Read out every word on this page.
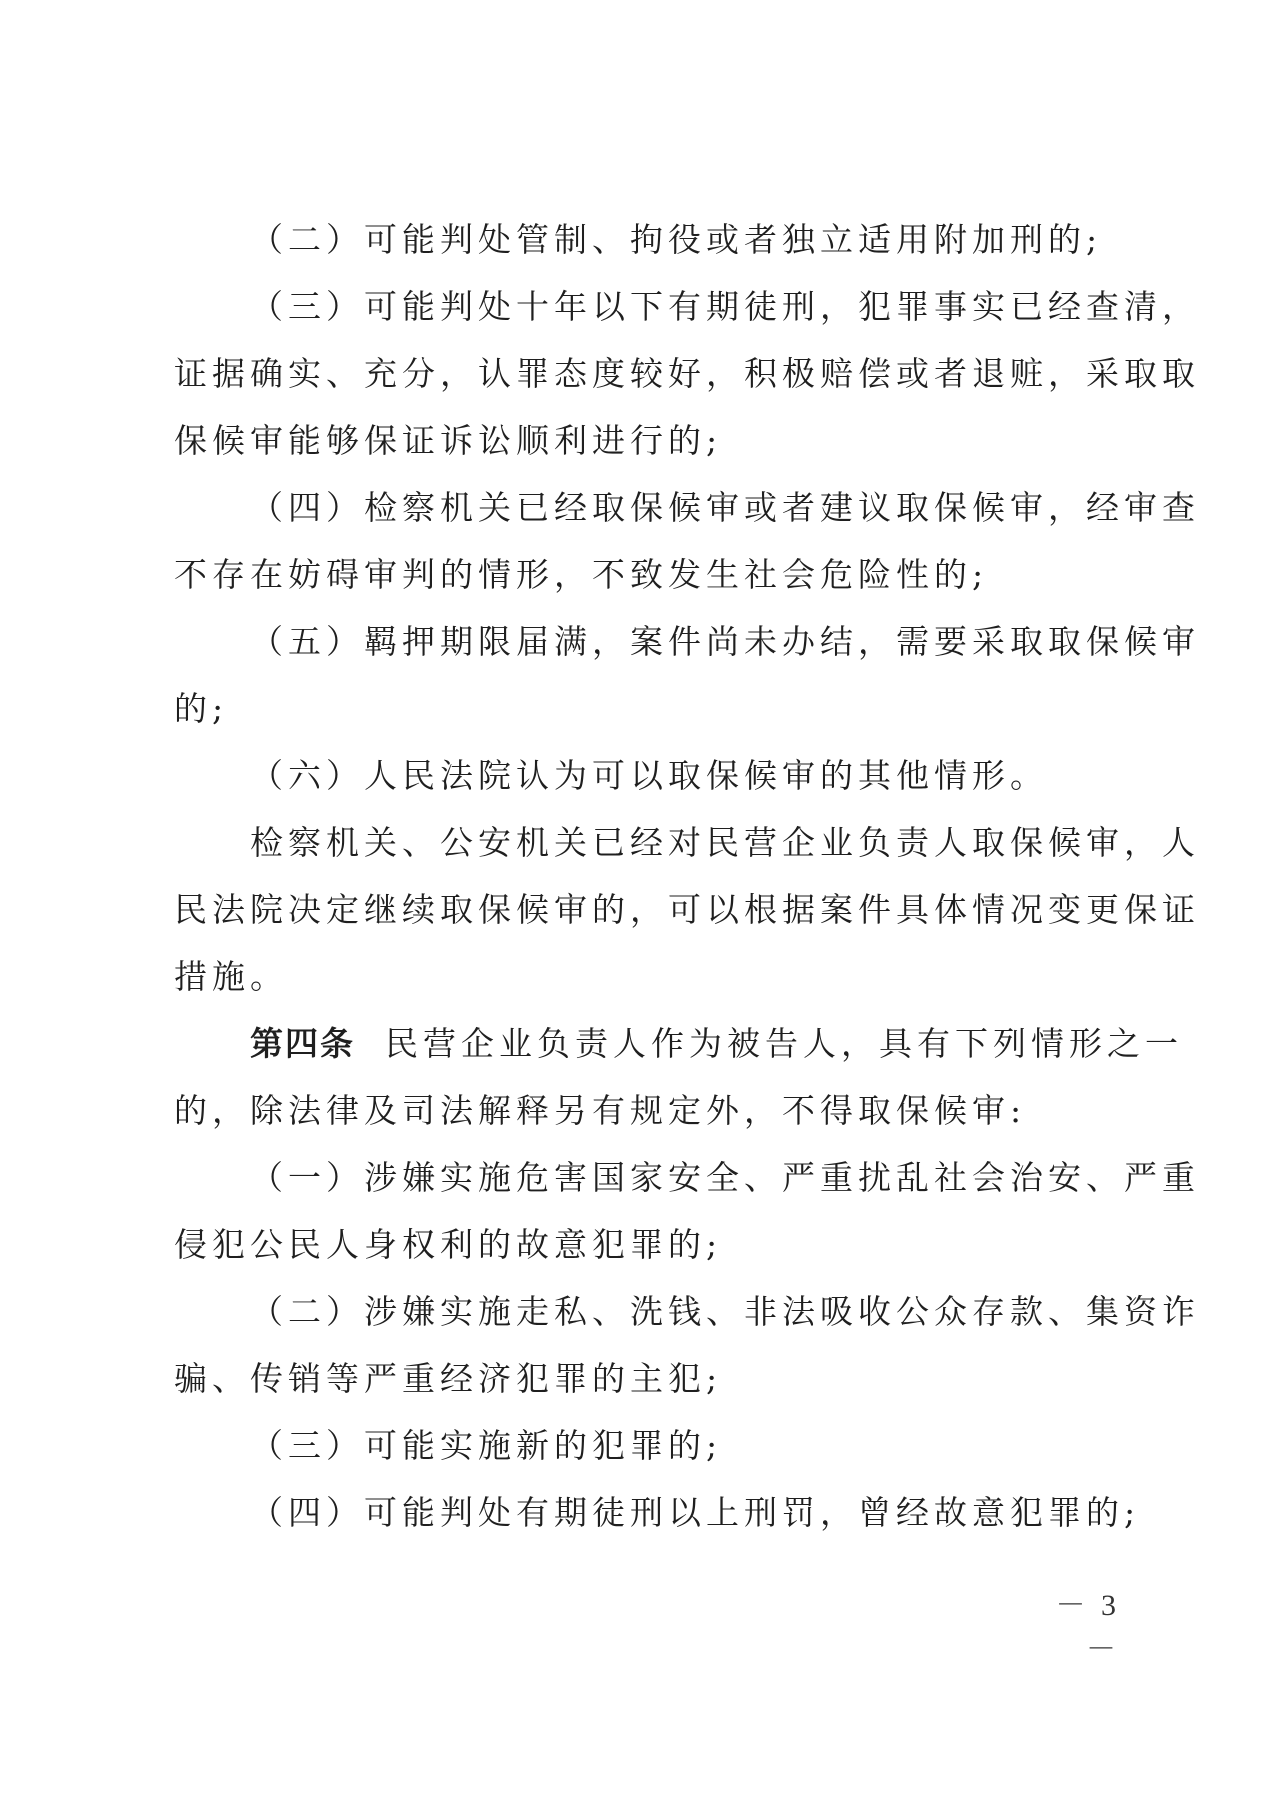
（二）可能判处管制、拘役或者独立适用附加刑的;
（三）可能判处十年以下有期徒刑，犯罪事实已经查清，
证据确实、充分，认罪态度较好，积极赔偿或者退赃，采取取
保候审能够保证诉讼顺利进行的;
（四）检察机关已经取保候审或者建议取保候审，经审查
不存在妨碍审判的情形，不致发生社会危险性的;
（五）羁押期限届满，案件尚未办结，需要采取取保候审
的;
（六）人民法院认为可以取保候审的其他情形。
检察机关、公安机关已经对民营企业负责人取保候审，人
民法院决定继续取保候审的，可以根据案件具体情况变更保证
措施。
第四条 民营企业负责人作为被告人，具有下列情形之一
的，除法律及司法解释另有规定外，不得取保候审:
（一）涉嫌实施危害国家安全、严重扰乱社会治安、严重
侵犯公民人身权利的故意犯罪的;
（二）涉嫌实施走私、洗钱、非法吸收公众存款、集资诈
骗、传销等严重经济犯罪的主犯;
（三）可能实施新的犯罪的;
（四）可能判处有期徒刑以上刑罚，曾经故意犯罪的;
－ 3 －
